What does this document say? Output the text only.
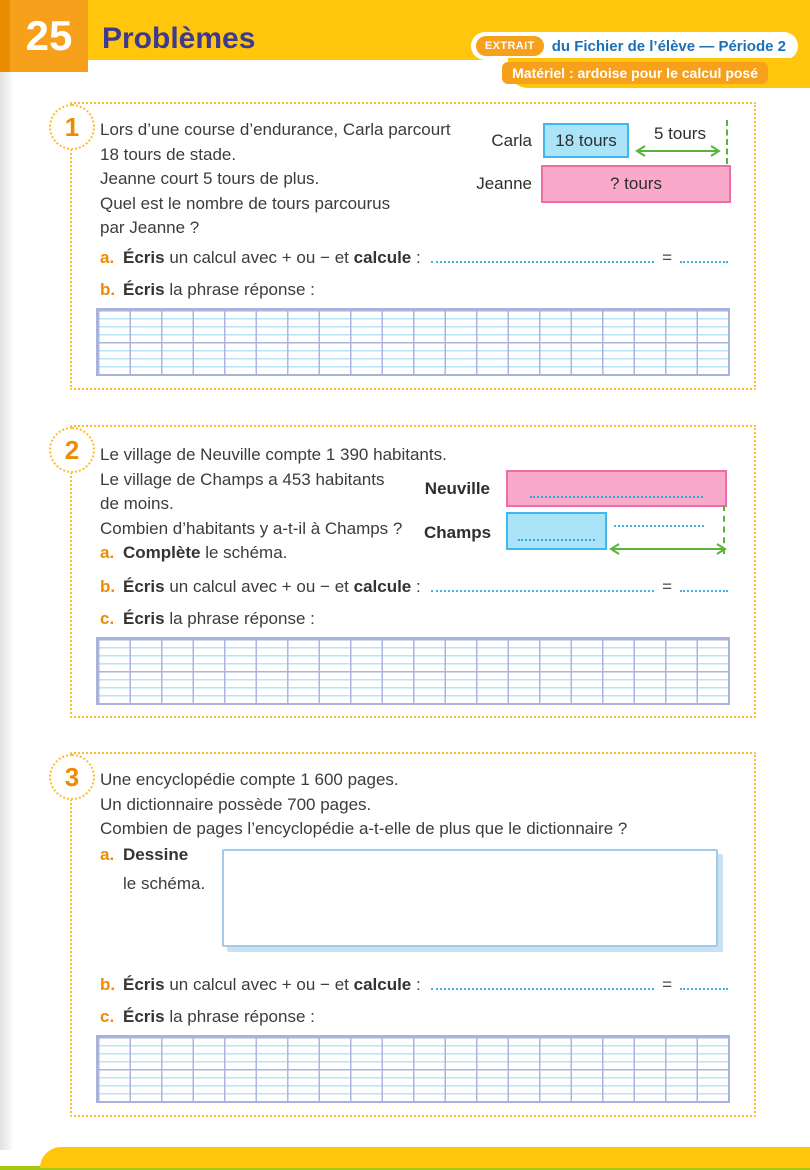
25 Problèmes	EXTRAIT	du Fichier de l’élève — Période 2
Matériel : ardoise pour le calcul posé
1 Lors d’une course d’endurance, Carla parcourt
18 tours de stade.
Jeanne court 5 tours de plus.
Quel est le nombre de tours parcourus
par Jeanne ?
Carla 18 tours	5 tours
? tours
Jeanne
a. Écris un calcul avec + ou − et calcule :	=
b. Écris la phrase réponse :
2 Le village de Neuville compte 1 390 habitants.
Le village de Champs a 453 habitants
de moins.
Combien d’habitants y a-t-il à Champs ?
Neuville
Champs
a. Complète le schéma.
b. Écris un calcul avec + ou − et calcule :	=
c. Écris la phrase réponse :
3 Une encyclopédie compte 1 600 pages.
Un dictionnaire possède 700 pages.
Combien de pages l’encyclopédie a-t-elle de plus que le dictionnaire ?
a. Dessine
le schéma.
b. Écris un calcul avec + ou − et calcule :	=
c. Écris la phrase réponse :
